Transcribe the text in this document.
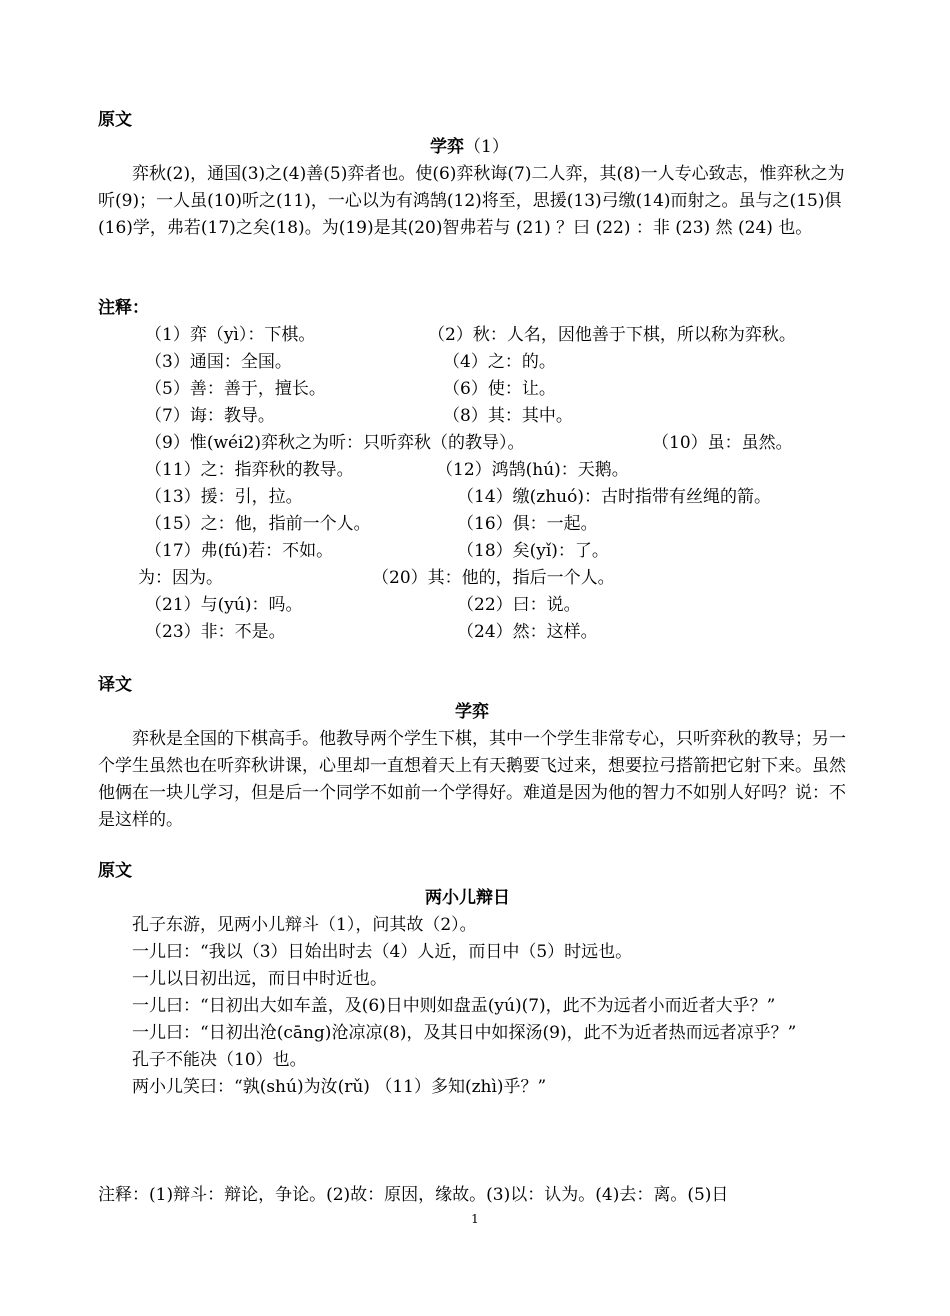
原文
学弈（1）

弈秋(2)，通国(3)之(4)善(5)弈者也。使(6)弈秋诲(7)二人弈，其(8)一人专心致志，惟弈秋之为听(9)；一人虽(10)听之(11)，一心以为有鸿鹄(12)将至，思援(13)弓缴(14)而射之。虽与之(15)俱(16)学，弗若(17)之矣(18)。为(19)是其(20)智弗若与 (21) ？曰 (22) ：非 (23) 然 (24) 也。

注释：
（1）弈（yì）：下棋。	（2）秋：人名，因他善于下棋，所以称为弈秋。
（3）通国：全国。	（4）之：的。
（5）善：善于，擅长。	（6）使：让。
（7）诲：教导。	（8）其：其中。
（9）惟(wéi2)弈秋之为听：只听弈秋（的教导）。	（10）虽：虽然。
（11）之：指弈秋的教导。	（12）鸿鹄(hú)：天鹅。
（13）援：引，拉。	（14）缴(zhuó)：古时指带有丝绳的箭。
（15）之：他，指前一个人。	（16）俱：一起。
（17）弗(fú)若：不如。	（18）矣(yǐ)：了。
为：因为。	（20）其：他的，指后一个人。
（21）与(yú)：吗。	（22）曰：说。
（23）非：不是。	（24）然：这样。
译文
学弈

弈秋是全国的下棋高手。他教导两个学生下棋，其中一个学生非常专心，只听弈秋的教导；另一个学生虽然也在听弈秋讲课，心里却一直想着天上有天鹅要飞过来，想要拉弓搭箭把它射下来。虽然他俩在一块儿学习，但是后一个同学不如前一个学得好。难道是因为他的智力不如别人好吗？说：不是这样的。

原文
两小儿辩日

孔子东游，见两小儿辩斗（1），问其故（2）。

一儿曰：“我以（3）日始出时去（4）人近，而日中（5）时远也。

一儿以日初出远，而日中时近也。

一儿曰：“日初出大如车盖，及(6)日中则如盘盂(yú)(7)，此不为远者小而近者大乎？”

一儿曰：“日初出沧(cāng)沧凉凉(8)，及其日中如探汤(9)，此不为近者热而远者凉乎？”

孔子不能决（10）也。

两小儿笑曰：“孰(shú)为汝(rǔ) （11）多知(zhì)乎？”

注释：(1)辩斗：辩论，争论。(2)故：原因，缘故。(3)以：认为。(4)去：离。(5)日
1
